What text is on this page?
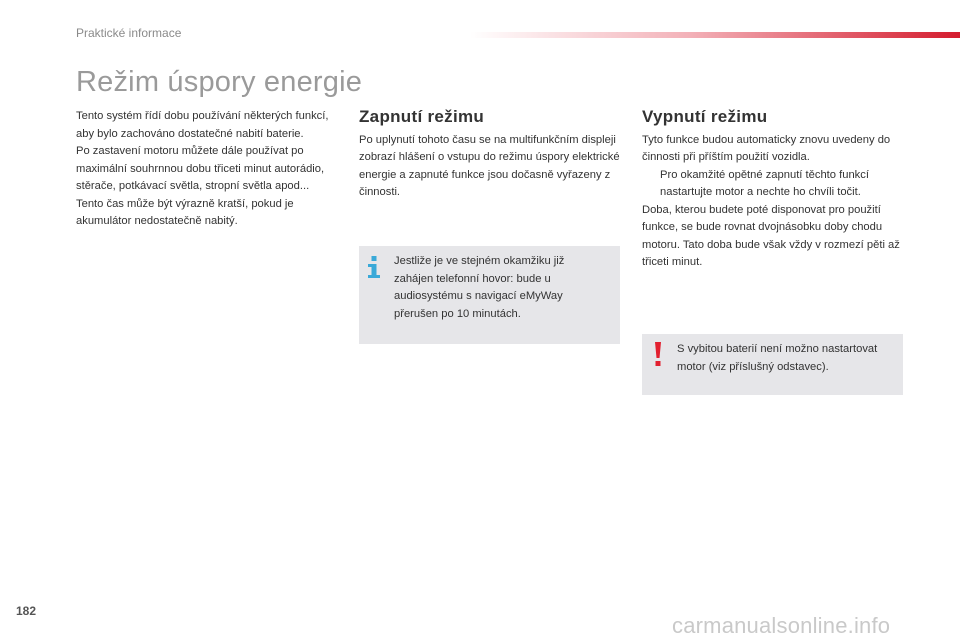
Praktické informace
Režim úspory energie

Tento systém řídí dobu používání některých funkcí, aby bylo zachováno dostatečné nabití baterie.

Po zastavení motoru můžete dále používat po maximální souhrnnou dobu třiceti minut autorádio, stěrače, potkávací světla, stropní světla apod...

Tento čas může být výrazně kratší, pokud je akumulátor nedostatečně nabitý.

Zapnutí režimu

Po uplynutí tohoto času se na multifunkčním displeji zobrazí hlášení o vstupu do režimu úspory elektrické energie a zapnuté funkce jsou dočasně vyřazeny z činnosti.

Jestliže je ve stejném okamžiku již zahájen telefonní hovor: bude u audiosystému s navigací eMyWay přerušen po 10 minutách.
Vypnutí režimu

Tyto funkce budou automaticky znovu uvedeny do činnosti při příštím použití vozidla.

Pro okamžité opětné zapnutí těchto funkcí nastartujte motor a nechte ho chvíli točit.

Doba, kterou budete poté disponovat pro použití funkce, se bude rovnat dvojnásobku doby chodu motoru. Tato doba bude však vždy v rozmezí pěti až třiceti minut.

S vybitou baterií není možno nastartovat motor (viz příslušný odstavec).
182
carmanualsonline.info
